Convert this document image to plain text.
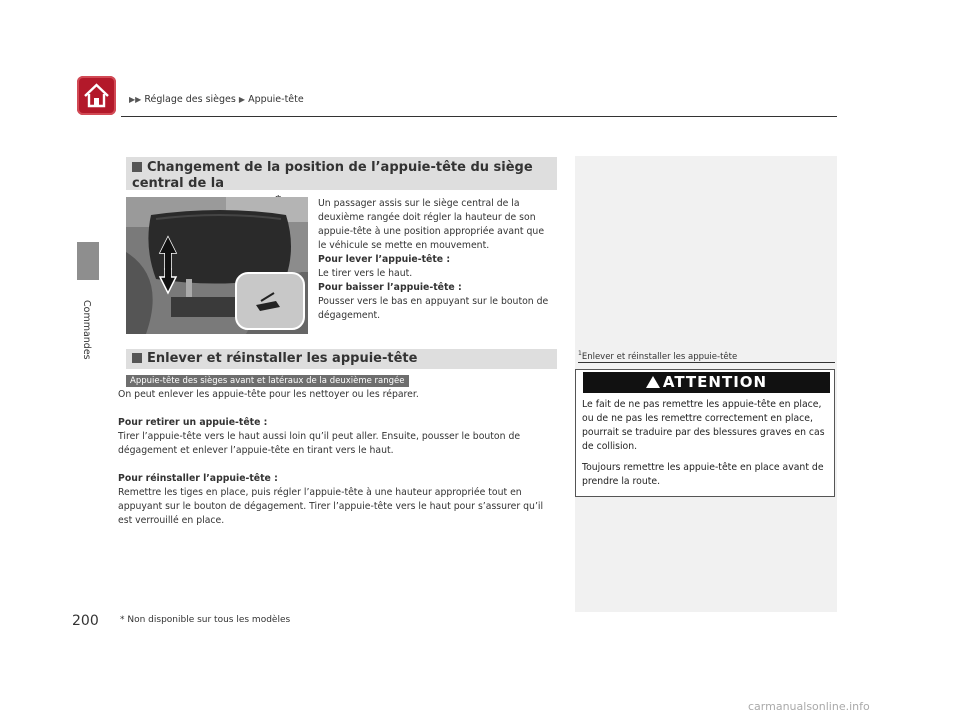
▶▶ Réglage des sièges ▶ Appuie-tête
Commandes
Changement de la position de l’appuie-tête du siège central de la
Un passager assis sur le siège central de la deuxième rangée doit régler la hauteur de son appuie-tête à une position appropriée avant que le véhicule se mette en mouvement.
Pour lever l’appuie-tête :
Le tirer vers le haut.
Pour baisser l’appuie-tête :
Pousser vers le bas en appuyant sur le bouton de dégagement.
Enlever et réinstaller les appuie-tête
Appuie-tête des sièges avant et latéraux de la deuxième rangée
On peut enlever les appuie-tête pour les nettoyer ou les réparer.
Pour retirer un appuie-tête :
Tirer l’appuie-tête vers le haut aussi loin qu’il peut aller. Ensuite, pousser le bouton de dégagement et enlever l’appuie-tête en tirant vers le haut.
Pour réinstaller l’appuie-tête :
Remettre les tiges en place, puis régler l’appuie-tête à une hauteur appropriée tout en appuyant sur le bouton de dégagement. Tirer l’appuie-tête vers le haut pour s’assurer qu’il est verrouillé en place.
$^1$Enlever et réinstaller les appuie-tête
ATTENTION
Le fait de ne pas remettre les appuie-tête en place, ou de ne pas les remettre correctement en place, pourrait se traduire par des blessures graves en cas de collision.
Toujours remettre les appuie-tête en place avant de prendre la route.
200 * Non disponible sur tous les modèles
carmanualsonline.info
